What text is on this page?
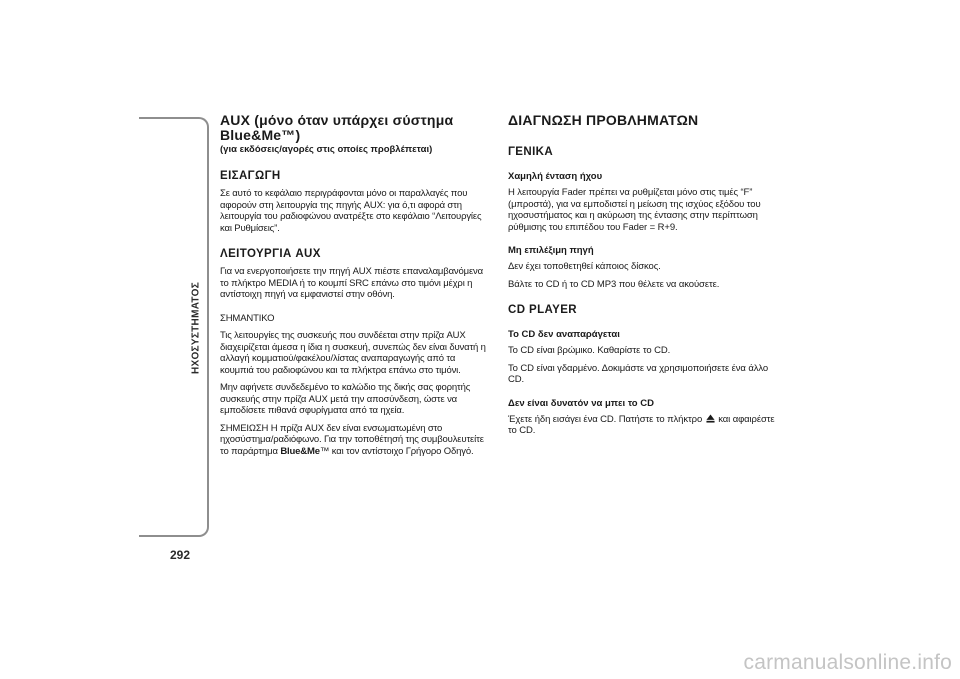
ΗΧΟΣΥΣΤΗΜΑΤΟΣ
292
AUX (μόνο όταν υπάρχει σύστημα Blue&Me™)
(για εκδόσεις/αγορές στις οποίες προβλέπεται)
ΕΙΣΑΓΩΓΗ

Σε αυτό το κεφάλαιο περιγράφονται μόνο οι παραλλαγές που αφορούν στη λειτουργία της πηγής AUX: για ό,τι αφορά στη λειτουργία του ραδιοφώνου ανατρέξτε στο κεφάλαιο “Λειτουργίες και Ρυθμίσεις”.

ΛΕΙΤΟΥΡΓΙΑ AUX

Για να ενεργοποιήσετε την πηγή AUX πιέστε επαναλαμβανόμενα το πλήκτρο MEDIA ή το κουμπί SRC επάνω στο τιμόνι μέχρι η αντίστοιχη πηγή να εμφανιστεί στην οθόνη.

ΣΗΜΑΝΤΙΚΟ

Τις λειτουργίες της συσκευής που συνδέεται στην πρίζα AUX διαχειρίζεται άμεσα η ίδια η συσκευή, συνεπώς δεν είναι δυνατή η αλλαγή κομματιού/φακέλου/λίστας αναπαραγωγής από τα κουμπιά του ραδιοφώνου και τα πλήκτρα επάνω στο τιμόνι.

Μην αφήνετε συνδεδεμένο το καλώδιο της δικής σας φορητής συσκευής στην πρίζα AUX μετά την αποσύνδεση, ώστε να εμποδίσετε πιθανά σφυρίγματα από τα ηχεία.

ΣΗΜΕΙΩΣΗ Η πρίζα AUX δεν είναι ενσωματωμένη στο ηχοσύστημα/ραδιόφωνο. Για την τοποθέτησή της συμβουλευτείτε το παράρτημα Blue&Me™ και τον αντίστοιχο Γρήγορο Οδηγό.

ΔΙΑΓΝΩΣΗ ΠΡΟΒΛΗΜΑΤΩΝ
ΓΕΝΙΚΑ
Χαμηλή ένταση ήχου

Η λειτουργία Fader πρέπει να ρυθμίζεται μόνο στις τιμές “F” (μπροστά), για να εμποδιστεί η μείωση της ισχύος εξόδου του ηχοσυστήματος και η ακύρωση της έντασης στην περίπτωση ρύθμισης του επιπέδου του Fader = R+9.

Μη επιλέξιμη πηγή

Δεν έχει τοποθετηθεί κάποιος δίσκος.

Βάλτε το CD ή το CD MP3 που θέλετε να ακούσετε.

CD PLAYER
Το CD δεν αναπαράγεται

Το CD είναι βρώμικο. Καθαρίστε το CD.

Το CD είναι γδαρμένο. Δοκιμάστε να χρησιμοποιήσετε ένα άλλο CD.

Δεν είναι δυνατόν να μπει το CD

Έχετε ήδη εισάγει ένα CD. Πατήστε το πλήκτρο  και αφαιρέστε το CD.

carmanualsonline.info
